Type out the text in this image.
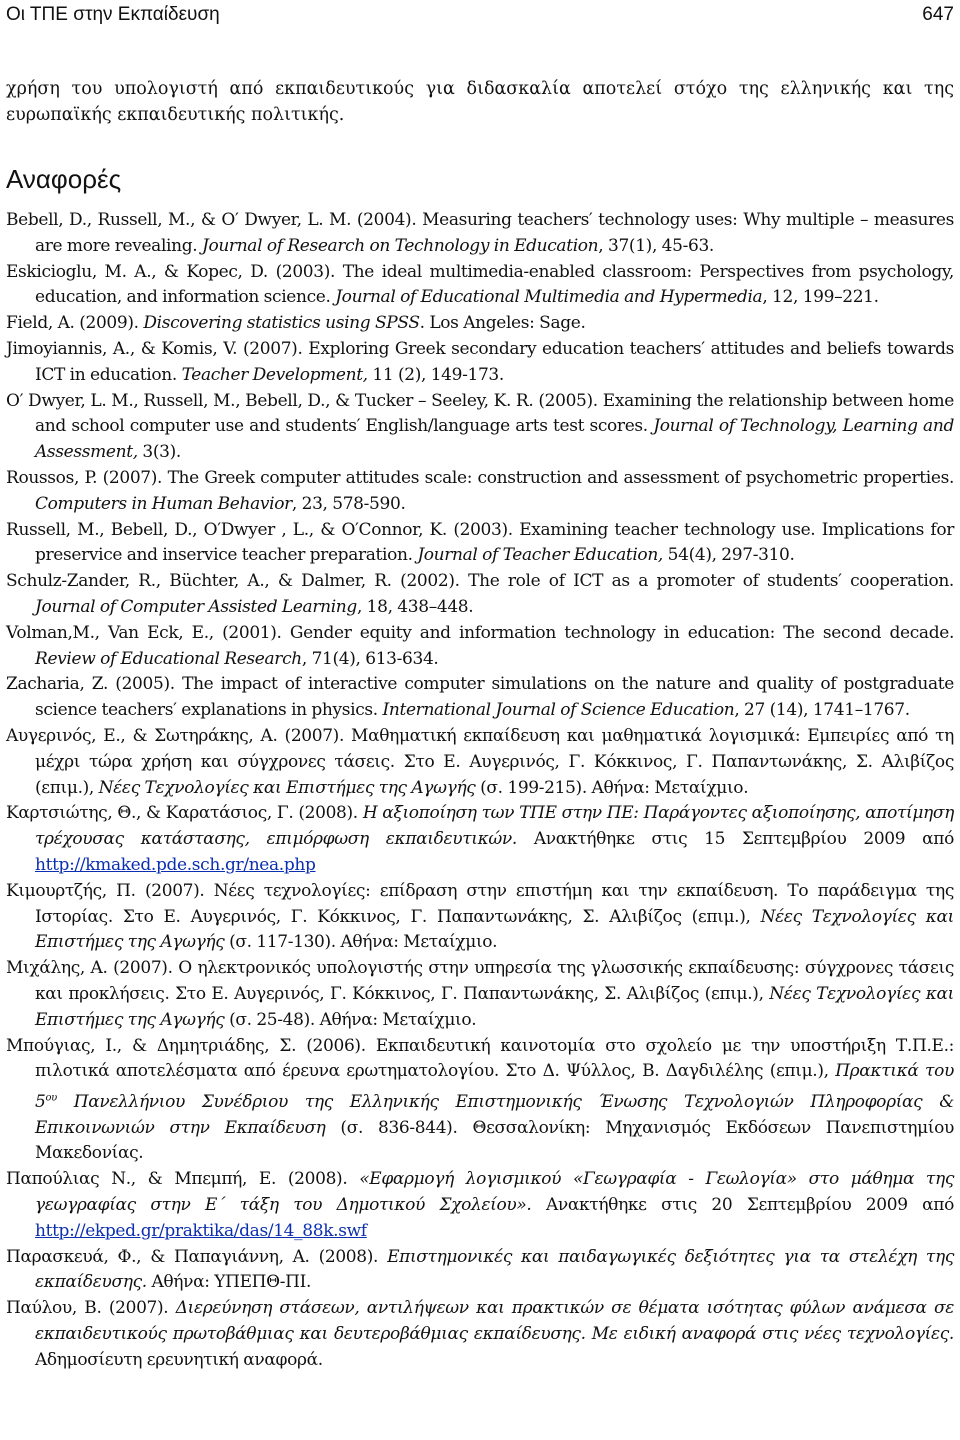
Οι ΤΠΕ στην Εκπαίδευση	647

χρήση του υπολογιστή από εκπαιδευτικούς για διδασκαλία αποτελεί στόχο της ελληνικής και της ευρωπαϊκής εκπαιδευτικής πολιτικής.

Αναφορές

Bebell, D., Russell, M., & O′ Dwyer, L. M. (2004). Measuring teachers′ technology uses: Why multiple – measures are more revealing. Journal of Research on Technology in Education, 37(1), 45-63.

Eskicioglu, M. A., & Kopec, D. (2003). The ideal multimedia-enabled classroom: Perspectives from psychology, education, and information science. Journal of Educational Multimedia and Hypermedia, 12, 199–221.

Field, A. (2009). Discovering statistics using SPSS. Los Angeles: Sage.

Jimoyiannis, A., & Komis, V. (2007). Exploring Greek secondary education teachers′ attitudes and beliefs towards ICT in education. Teacher Development, 11 (2), 149-173.

O′ Dwyer, L. M., Russell, M., Bebell, D., & Tucker – Seeley, K. R. (2005). Examining the relationship between home and school computer use and students′ English/language arts test scores. Journal of Technology, Learning and Assessment, 3(3).

Roussos, P. (2007). The Greek computer attitudes scale: construction and assessment of psychometric properties. Computers in Human Behavior, 23, 578-590.

Russell, M., Bebell, D., O′Dwyer , L., & O′Connor, K. (2003). Examining teacher technology use. Implications for preservice and inservice teacher preparation. Journal of Teacher Education, 54(4), 297-310.

Schulz-Zander, R., Büchter, A., & Dalmer, R. (2002). The role of ICT as a promoter of students′ cooperation. Journal of Computer Assisted Learning, 18, 438–448.

Volman,M., Van Eck, E., (2001). Gender equity and information technology in education: The second decade. Review of Educational Research, 71(4), 613-634.

Zacharia, Z. (2005). The impact of interactive computer simulations on the nature and quality of postgraduate science teachers′ explanations in physics. International Journal of Science Education, 27 (14), 1741–1767.

Αυγερινός, Ε., & Σωτηράκης, Α. (2007). Μαθηματική εκπαίδευση και μαθηματικά λογισμικά: Εμπειρίες από τη μέχρι τώρα χρήση και σύγχρονες τάσεις. Στο Ε. Αυγερινός, Γ. Κόκκινος, Γ. Παπαντωνάκης, Σ. Αλιβίζος (επιμ.), Νέες Τεχνολογίες και Επιστήμες της Αγωγής (σ. 199-215). Αθήνα: Μεταίχμιο.

Καρτσιώτης, Θ., & Καρατάσιος, Γ. (2008). Η αξιοποίηση των ΤΠΕ στην ΠΕ: Παράγοντες αξιοποίησης, αποτίμηση τρέχουσας κατάστασης, επιμόρφωση εκπαιδευτικών. Ανακτήθηκε στις 15 Σεπτεμβρίου 2009 από http://kmaked.pde.sch.gr/nea.php

Κιμουρτζής, Π. (2007). Νέες τεχνολογίες: επίδραση στην επιστήμη και την εκπαίδευση. Το παράδειγμα της Ιστορίας. Στο Ε. Αυγερινός, Γ. Κόκκινος, Γ. Παπαντωνάκης, Σ. Αλιβίζος (επιμ.), Νέες Τεχνολογίες και Επιστήμες της Αγωγής (σ. 117-130). Αθήνα: Μεταίχμιο.

Μιχάλης, Α. (2007). Ο ηλεκτρονικός υπολογιστής στην υπηρεσία της γλωσσικής εκπαίδευσης: σύγχρονες τάσεις και προκλήσεις. Στο Ε. Αυγερινός, Γ. Κόκκινος, Γ. Παπαντωνάκης, Σ. Αλιβίζος (επιμ.), Νέες Τεχνολογίες και Επιστήμες της Αγωγής (σ. 25-48). Αθήνα: Μεταίχμιο.

Μπούγιας, Ι., & Δημητριάδης, Σ. (2006). Εκπαιδευτική καινοτομία στο σχολείο με την υποστήριξη Τ.Π.Ε.: πιλοτικά αποτελέσματα από έρευνα ερωτηματολογίου. Στο Δ. Ψύλλος, Β. Δαγδιλέλης (επιμ.), Πρακτικά του $5^{o\upsilon}$ Πανελλήνιου Συνέδριου της Ελληνικής Επιστημονικής Ένωσης Τεχνολογιών Πληροφορίας & Επικοινωνιών στην Εκπαίδευση (σ. 836-844). Θεσσαλονίκη: Μηχανισμός Εκδόσεων Πανεπιστημίου Μακεδονίας.

Παπούλιας Ν., & Μπεμπή, Ε. (2008). «Εφαρμογή λογισμικού «Γεωγραφία - Γεωλογία» στο μάθημα της γεωγραφίας στην Ε΄ τάξη του Δημοτικού Σχολείου». Ανακτήθηκε στις 20 Σεπτεμβρίου 2009 από http://ekped.gr/praktika/das/14_88k.swf

Παρασκευά, Φ., & Παπαγιάννη, Α. (2008). Επιστημονικές και παιδαγωγικές δεξιότητες για τα στελέχη της εκπαίδευσης. Αθήνα: ΥΠΕΠΘ-ΠΙ.

Παύλου, Β. (2007). Διερεύνηση στάσεων, αντιλήψεων και πρακτικών σε θέματα ισότητας φύλων ανάμεσα σε εκπαιδευτικούς πρωτοβάθμιας και δευτεροβάθμιας εκπαίδευσης. Με ειδική αναφορά στις νέες τεχνολογίες. Αδημοσίευτη ερευνητική αναφορά.
